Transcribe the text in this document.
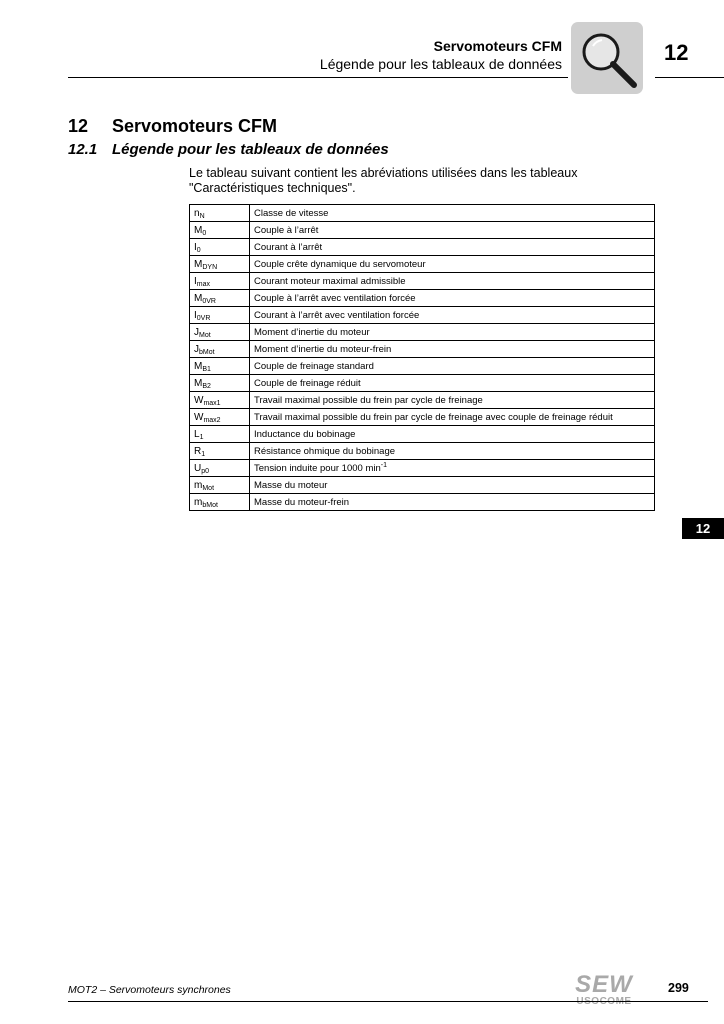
Servomoteurs CFM
Légende pour les tableaux de données	12
12 Servomoteurs CFM
12.1 Légende pour les tableaux de données
Le tableau suivant contient les abréviations utilisées dans les tableaux "Caractéristiques techniques".
$n_N$	Classe de vitesse
$M_0$	Couple à l’arrêt
$I_0$	Courant à l’arrêt
$M_{DYN}$	Couple crête dynamique du servomoteur
$I_{max}$	Courant moteur maximal admissible
$M_{0VR}$	Couple à l’arrêt avec ventilation forcée
$I_{0VR}$	Courant à l’arrêt avec ventilation forcée
$J_{Mot}$	Moment d’inertie du moteur
$J_{bMot}$	Moment d’inertie du moteur-frein
$M_{B1}$	Couple de freinage standard
$M_{B2}$	Couple de freinage réduit
$W_{max1}$	Travail maximal possible du frein par cycle de freinage
$W_{max2}$	Travail maximal possible du frein par cycle de freinage avec couple de freinage réduit
$L_1$	Inductance du bobinage
$R_1$	Résistance ohmique du bobinage
$U_{p0}$	Tension induite pour 1000 $\min^{-1}$
$m_{Mot}$	Masse du moteur
$m_{bMot}$	Masse du moteur-frein
12
MOT2 – Servomoteurs synchrones	SEW
USOCOME
299
